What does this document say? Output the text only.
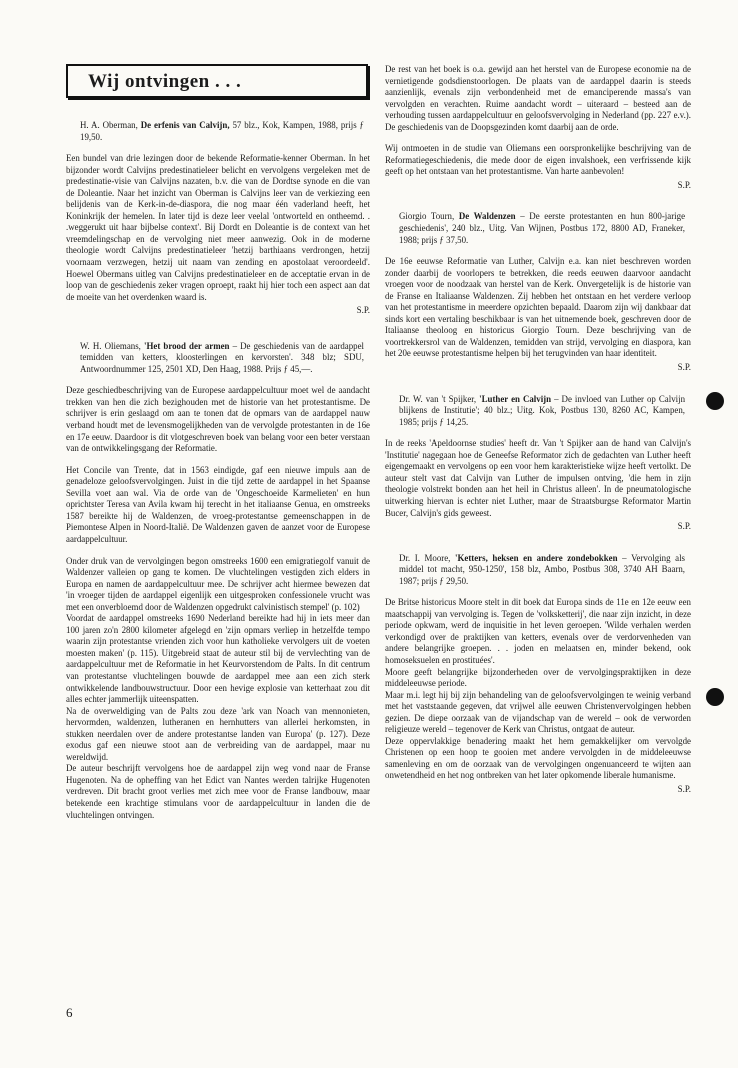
Wij ontvingen . . .
H. A. Oberman, De erfenis van Calvijn, 57 blz., Kok, Kampen, 1988, prijs ƒ 19,50.

Een bundel van drie lezingen door de bekende Reformatie-kenner Oberman. In het bijzonder wordt Calvijns predestinatieleer belicht en vervolgens vergeleken met de predestinatie-visie van Calvijns nazaten, b.v. die van de Dordtse synode en die van de Doleantie. Naar het inzicht van Oberman is Calvijns leer van de verkiezing een belijdenis van de Kerk-in-de-diaspora, die nog maar één vaderland heeft, het Koninkrijk der hemelen. In later tijd is deze leer veelal 'ontworteld en ontheemd. . .weggerukt uit haar bijbelse context'. Bij Dordt en Doleantie is de context van het vreemdelingschap en de vervolging niet meer aanwezig. Ook in de moderne theologie wordt Calvijns predestinatieleer 'hetzij barthiaans verdrongen, hetzij voornaam verzwegen, hetzij uit naam van zending en apostolaat veroordeeld'. Hoewel Obermans uitleg van Calvijns predestinatieleer en de acceptatie ervan in de loop van de geschiedenis zeker vragen oproept, raakt hij hier toch een aspect aan dat de moeite van het overdenken waard is.

S.P.

W. H. Oliemans, 'Het brood der armen – De geschiedenis van de aardappel temidden van ketters, kloosterlingen en kervorsten'. 348 blz; SDU, Antwoordnummer 125, 2501 XD, Den Haag, 1988. Prijs ƒ 45,—.

Deze geschiedbeschrijving van de Europese aardappelcultuur moet wel de aandacht trekken van hen die zich bezighouden met de historie van het protestantisme. De schrijver is erin geslaagd om aan te tonen dat de opmars van de aardappel nauw verband houdt met de levensmogelijkheden van de vervolgde protestanten in de 16e en 17e eeuw. Daardoor is dit vlotgeschreven boek van belang voor een beter verstaan van de ontwikkelingsgang der Reformatie.

Het Concile van Trente, dat in 1563 eindigde, gaf een nieuwe impuls aan de genadeloze geloofsvervolgingen. Juist in die tijd zette de aardappel in het Spaanse Sevilla voet aan wal. Via de orde van de 'Ongeschoeide Karmelieten' en hun oprichtster Teresa van Avila kwam hij terecht in het italiaanse Genua, en omstreeks 1587 bereikte hij de Waldenzen, de vroeg-protestantse gemeenschappen in de Piemontese Alpen in Noord-Italië. De Waldenzen gaven de aanzet voor de Europese aardappelcultuur.

Onder druk van de vervolgingen begon omstreeks 1600 een emigratiegolf vanuit de Waldenzer valleien op gang te komen. De vluchtelingen vestigden zich elders in Europa en namen de aardappelcultuur mee. De schrijver acht hiermee bewezen dat 'in vroeger tijden de aardappel eigenlijk een uitgesproken confessionele vrucht was met een onverbloemd door de Waldenzen opgedrukt calvinistisch stempel' (p. 102)
Voordat de aardappel omstreeks 1690 Nederland bereikte had hij in iets meer dan 100 jaren zo'n 2800 kilometer afgelegd en 'zijn opmars verliep in hetzelfde tempo waarin zijn protestantse vrienden zich voor hun katholieke vervolgers uit de voeten moesten maken' (p. 115). Uitgebreid staat de auteur stil bij de vervlechting van de aardappelcultuur met de Reformatie in het Keurvorstendom de Palts. In dit centrum van protestantse vluchtelingen bouwde de aardappel mee aan een zich sterk ontwikkelende landbouwstructuur. Door een hevige explosie van ketterhaat zou dit alles echter jammerlijk uiteenspatten.
Na de overweldiging van de Palts zou deze 'ark van Noach van mennonieten, hervormden, waldenzen, lutheranen en hernhutters van allerlei herkomsten, in stukken neerdalen over de andere protestantse landen van Europa' (p. 127). Deze exodus gaf een nieuwe stoot aan de verbreiding van de aardappel, maar nu wereldwijd.
De auteur beschrijft vervolgens hoe de aardappel zijn weg vond naar de Franse Hugenoten. Na de opheffing van het Edict van Nantes werden talrijke Hugenoten verdreven. Dit bracht groot verlies met zich mee voor de Franse landbouw, maar betekende een krachtige stimulans voor de aardappelcultuur in landen die de vluchtelingen ontvingen.

De rest van het boek is o.a. gewijd aan het herstel van de Europese economie na de vernietigende godsdienstoorlogen. De plaats van de aardappel daarin is steeds aanzienlijk, evenals zijn verbondenheid met de emanciperende massa's van vervolgden en verachten. Ruime aandacht wordt – uiteraard – besteed aan de verhouding tussen aardappelcultuur en geloofsvervolging in Nederland (pp. 227 e.v.). De geschiedenis van de Doopsgezinden komt daarbij aan de orde.

Wij ontmoeten in de studie van Oliemans een oorspronkelijke beschrijving van de Reformatiegeschiedenis, die mede door de eigen invalshoek, een verfrissende kijk geeft op het ontstaan van het protestantisme. Van harte aanbevolen!

S.P.

Giorgio Tourn, De Waldenzen – De eerste protestanten en hun 800-jarige geschiedenis', 240 blz., Uitg. Van Wijnen, Postbus 172, 8800 AD, Franeker, 1988; prijs ƒ 37,50.

De 16e eeuwse Reformatie van Luther, Calvijn e.a. kan niet beschreven worden zonder daarbij de voorlopers te betrekken, die reeds eeuwen daarvoor aandacht vroegen voor de noodzaak van herstel van de Kerk. Onvergetelijk is de historie van de Franse en Italiaanse Waldenzen. Zij hebben het ontstaan en het verdere verloop van het protestantisme in meerdere opzichten bepaald. Daarom zijn wij dankbaar dat sinds kort een vertaling beschikbaar is van het uitnemende boek, geschreven door de Italiaanse theoloog en historicus Giorgio Tourn. Deze beschrijving van de voortrekkersrol van de Waldenzen, temidden van strijd, vervolging en diaspora, kan het 20e eeuwse protestantisme helpen bij het terugvinden van haar identiteit.

S.P.

Dr. W. van 't Spijker, 'Luther en Calvijn – De invloed van Luther op Calvijn blijkens de Institutie'; 40 blz.; Uitg. Kok, Postbus 130, 8260 AC, Kampen, 1985; prijs ƒ 14,25.

In de reeks 'Apeldoornse studies' heeft dr. Van 't Spijker aan de hand van Calvijn's 'Institutie' nagegaan hoe de Geneefse Reformator zich de gedachten van Luther heeft eigengemaakt en vervolgens op een voor hem karakteristieke wijze heeft vertolkt. De auteur stelt vast dat Calvijn van Luther de impulsen ontving, 'die hem in zijn theologie volstrekt bonden aan het heil in Christus alleen'. In de pneumatologische uitwerking hiervan is echter niet Luther, maar de Straatsburgse Reformator Martin Bucer, Calvijn's gids geweest.

S.P.

Dr. I. Moore, 'Ketters, heksen en andere zondebokken – Vervolging als middel tot macht, 950-1250', 158 blz, Ambo, Postbus 308, 3740 AH Baarn, 1987; prijs ƒ 29,50.

De Britse historicus Moore stelt in dit boek dat Europa sinds de 11e en 12e eeuw een maatschappij van vervolging is. Tegen de 'volksketterij', die naar zijn inzicht, in deze periode opkwam, werd de inquisitie in het leven geroepen. 'Wilde verhalen werden verkondigd over de praktijken van ketters, evenals over de verdorvenheden van andere belangrijke groepen. . . joden en melaatsen en, minder bekend, ook homoseksuelen en prostituées'.
Moore geeft belangrijke bijzonderheden over de vervolgingspraktijken in deze middeleeuwse periode.
Maar m.i. legt hij bij zijn behandeling van de geloofsvervolgingen te weinig verband met het vaststaande gegeven, dat vrijwel alle eeuwen Christenvervolgingen hebben gezien. De diepe oorzaak van de vijandschap van de wereld – ook de verworden religieuze wereld – tegenover de Kerk van Christus, ontgaat de auteur.
Deze oppervlakkige benadering maakt het hem gemakkelijker om vervolgde Christenen op een hoop te gooien met andere vervolgden in de middeleeuwse samenleving en om de oorzaak van de vervolgingen ongenuanceerd te wijten aan onwetendheid en het nog ontbreken van het later opkomende liberale humanisme.

S.P.

6
